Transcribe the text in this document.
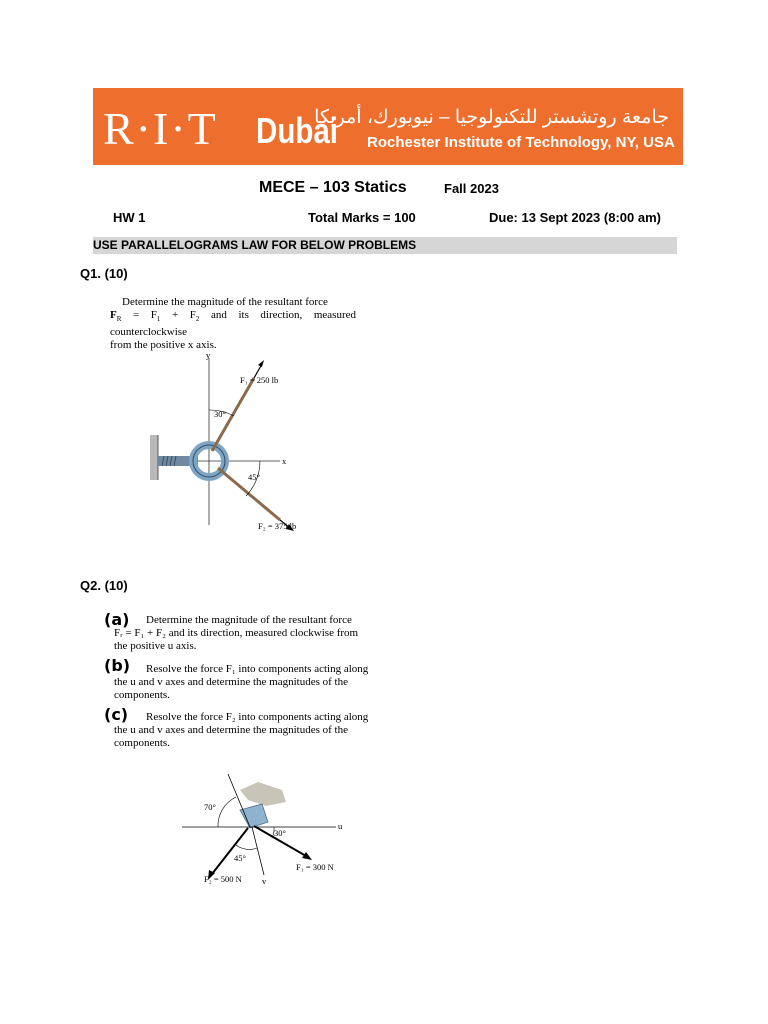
R·I·T Dubai
جامعة روتشستر للتكنولوجيا – نيويورك، أمريكا
Rochester Institute of Technology, NY, USA
MECE – 103 Statics	Fall 2023
HW 1	Total Marks = 100	Due: 13 Sept 2023 (8:00 am)
USE PARALLELOGRAMS LAW FOR BELOW PROBLEMS
Q1. (10)
Determine the magnitude of the resultant force
$F_R = F_1 + F_2$ and its direction, measured counterclockwise
from the positive x axis.
y
x
F₁ = 250 lb
F₂ = 375 lb
30°
45°
Q2. (10)
(a)	Determine the magnitude of the resultant force
Fᵣ = F₁ + F₂ and its direction, measured clockwise from
the positive u axis.
(b)	Resolve the force F₁ into components acting along
the u and v axes and determine the magnitudes of the
components.
(c)	Resolve the force F₂ into components acting along
the u and v axes and determine the magnitudes of the
components.
70°
30°
45°
u
v
F₁ = 300 N
F₂ = 500 N
